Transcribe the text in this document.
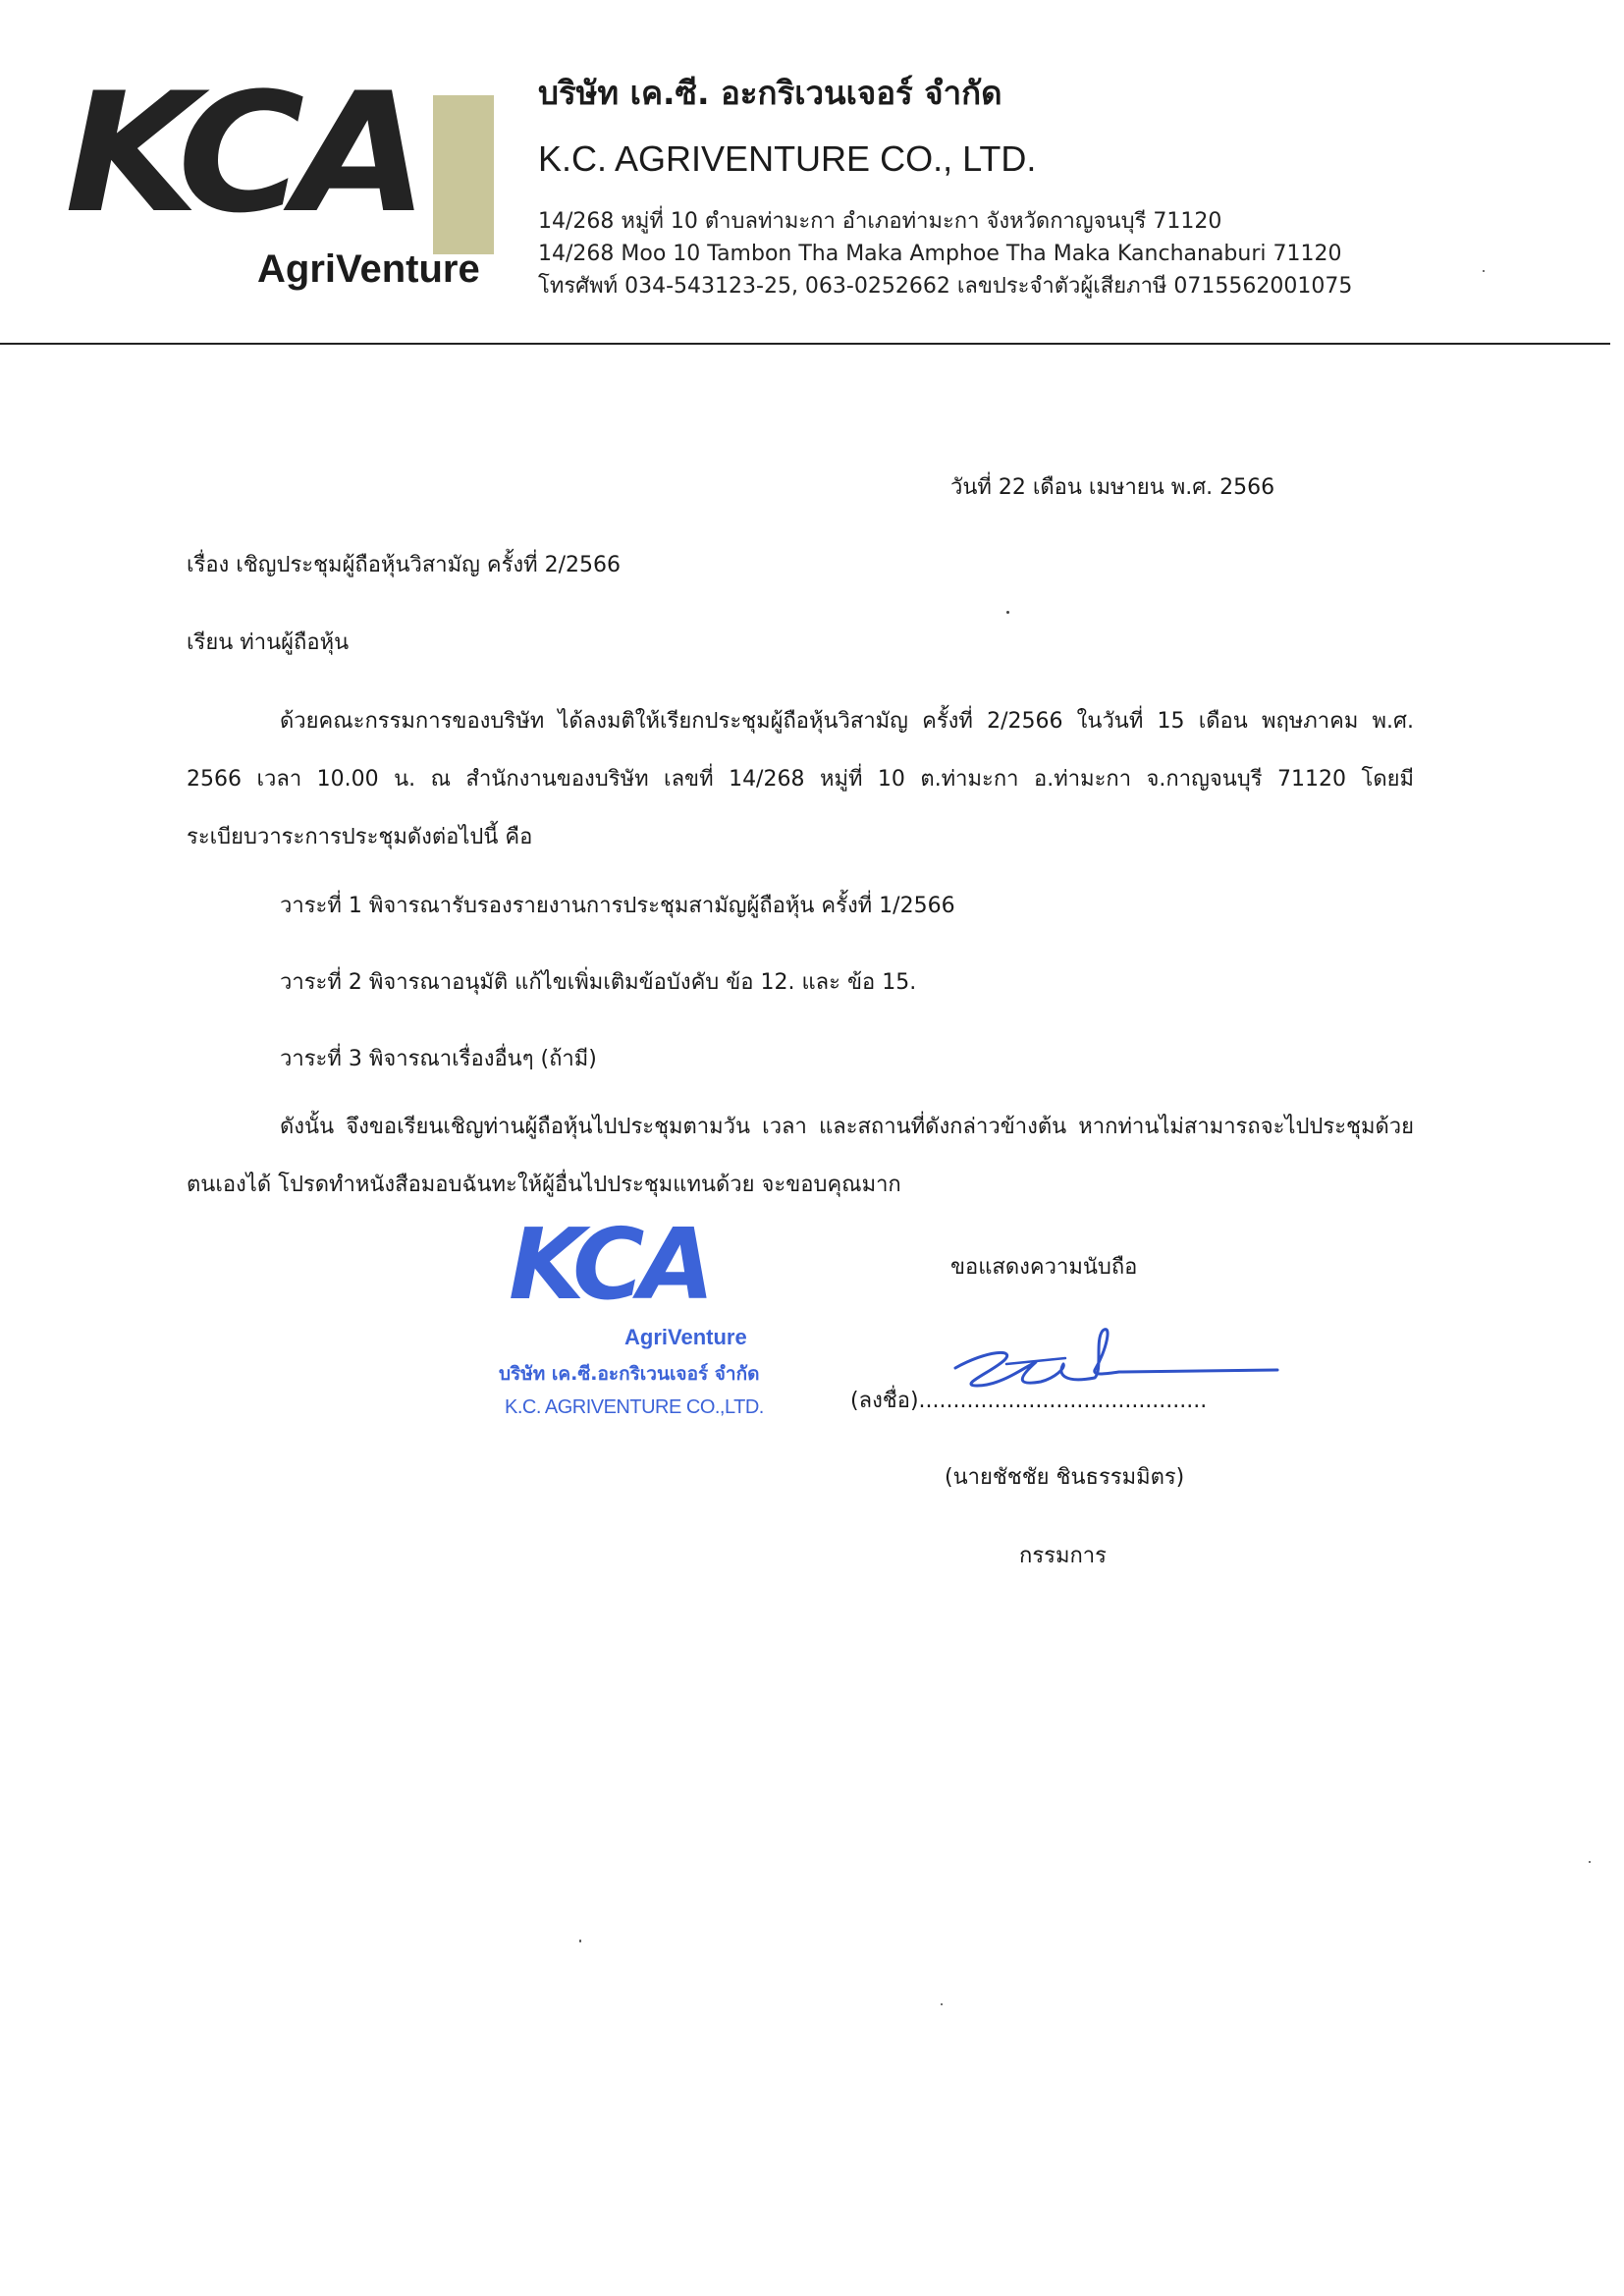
KCA
AgriVenture

บริษัท เค.ซี. อะกริเวนเจอร์ จำกัด

K.C. AGRIVENTURE CO., LTD.

14/268 หมู่ที่ 10 ตำบลท่ามะกา อำเภอท่ามะกา จังหวัดกาญจนบุรี 71120

14/268 Moo 10 Tambon Tha Maka Amphoe Tha Maka Kanchanaburi 71120

โทรศัพท์ 034-543123-25, 063-0252662 เลขประจำตัวผู้เสียภาษี 0715562001075

วันที่ 22 เดือน เมษายน พ.ศ. 2566
เรื่อง เชิญประชุมผู้ถือหุ้นวิสามัญ ครั้งที่ 2/2566
เรียน ท่านผู้ถือหุ้น
ด้วยคณะกรรมการของบริษัท ได้ลงมติให้เรียกประชุมผู้ถือหุ้นวิสามัญ ครั้งที่ 2/2566 ในวันที่ 15 เดือน พฤษภาคม พ.ศ. 2566 เวลา 10.00 น. ณ สำนักงานของบริษัท เลขที่ 14/268 หมู่ที่ 10 ต.ท่ามะกา อ.ท่ามะกา จ.กาญจนบุรี 71120 โดยมีระเบียบวาระการประชุมดังต่อไปนี้ คือ
วาระที่ 1 พิจารณารับรองรายงานการประชุมสามัญผู้ถือหุ้น ครั้งที่ 1/2566
วาระที่ 2 พิจารณาอนุมัติ แก้ไขเพิ่มเติมข้อบังคับ ข้อ 12. และ ข้อ 15.
วาระที่ 3 พิจารณาเรื่องอื่นๆ (ถ้ามี)
ดังนั้น จึงขอเรียนเชิญท่านผู้ถือหุ้นไปประชุมตามวัน เวลา และสถานที่ดังกล่าวข้างต้น หากท่านไม่สามารถจะไปประชุมด้วยตนเองได้ โปรดทำหนังสือมอบฉันทะให้ผู้อื่นไปประชุมแทนด้วย จะขอบคุณมาก
KCA
AgriVenture
บริษัท เค.ซี.อะกริเวนเจอร์ จำกัด
K.C. AGRIVENTURE CO.,LTD.
ขอแสดงความนับถือ
(ลงชื่อ)..........................................
(นายชัชชัย ชินธรรมมิตร)
กรรมการ
